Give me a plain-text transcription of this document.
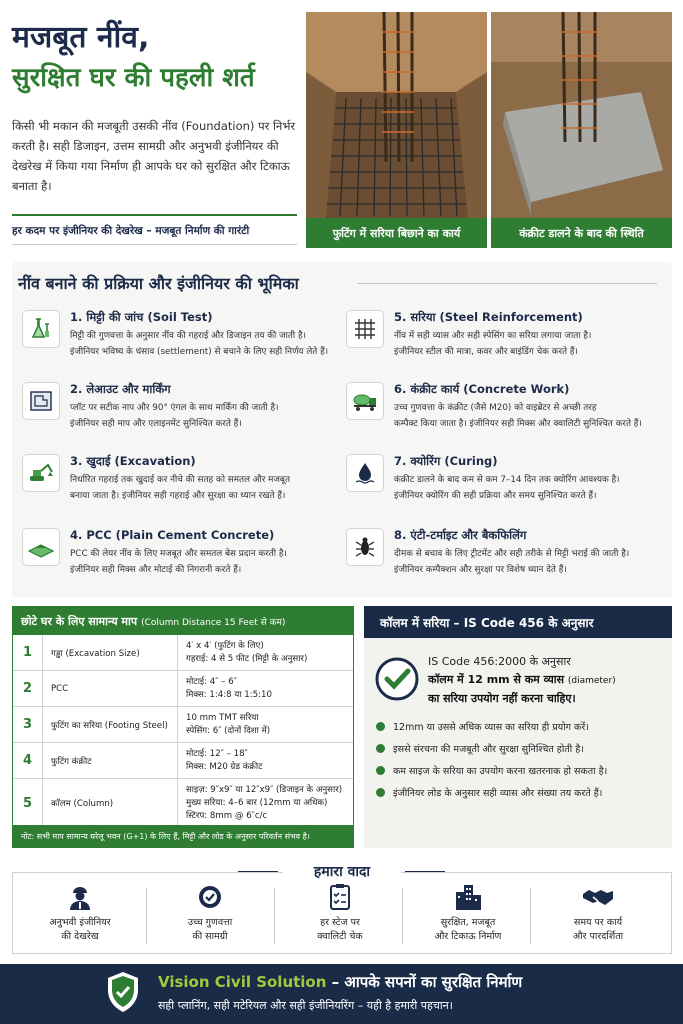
मजबूत नींव,
सुरक्षित घर की पहली शर्त
किसी भी मकान की मजबूती उसकी नींव (Foundation) पर निर्भर करती है। सही डिजाइन, उत्तम सामग्री और अनुभवी इंजीनियर की देखरेख में किया गया निर्माण ही आपके घर को सुरक्षित और टिकाऊ बनाता है।
हर कदम पर इंजीनियर की देखरेख – मजबूत निर्माण की गारंटी	फुटिंग में सरिया बिछाने का कार्य	कंक्रीट डालने के बाद की स्थिति
नींव बनाने की प्रक्रिया और इंजीनियर की भूमिका
1. मिट्टी की जांच (Soil Test)
मिट्टी की गुणवत्ता के अनुसार नींव की गहराई और डिजाइन तय की जाती है।
इंजीनियर भविष्य के धंसाव (settlement) से बचाने के लिए सही निर्णय लेते हैं।
2. लेआउट और मार्किंग
प्लॉट पर सटीक नाप और 90° एंगल के साथ मार्किंग की जाती है।
इंजीनियर सही माप और एलाइनमेंट सुनिश्चित करते हैं।
3. खुदाई (Excavation)
निर्धारित गहराई तक खुदाई कर नीचे की सतह को समतल और मजबूत
बनाया जाता है। इंजीनियर सही गहराई और सुरक्षा का ध्यान रखते हैं।
4. PCC (Plain Cement Concrete)
PCC की लेयर नींव के लिए मजबूत और समतल बेस प्रदान करती है।
इंजीनियर सही मिक्स और मोटाई की निगरानी करते हैं।
5. सरिया (Steel Reinforcement)
नींव में सही व्यास और सही स्पेसिंग का सरिया लगाया जाता है।
इंजीनियर स्टील की मात्रा, कवर और बाइंडिंग चेक करते हैं।
6. कंक्रीट कार्य (Concrete Work)
उच्च गुणवत्ता के कंक्रीट (जैसे M20) को वाइब्रेटर से अच्छी तरह
कम्पैक्ट किया जाता है। इंजीनियर सही मिक्स और क्वालिटी सुनिश्चित करते हैं।
7. क्योरिंग (Curing)
कंक्रीट डालने के बाद कम से कम 7–14 दिन तक क्योरिंग आवश्यक है।
इंजीनियर क्योरिंग की सही प्रक्रिया और समय सुनिश्चित करते हैं।
8. एंटी-टर्माइट और बैकफिलिंग
दीमक से बचाव के लिए ट्रीटमेंट और सही तरीके से मिट्टी भराई की जाती है।
इंजीनियर कम्पैक्शन और सुरक्षा पर विशेष ध्यान देते हैं।
छोटे घर के लिए सामान्य माप (Column Distance 15 Feet से कम)
1	गड्ढा (Excavation Size)
4′ x 4′ (फुटिंग के लिए)
गहराई: 4 से 5 फीट (मिट्टी के अनुसार)
2	PCC
मोटाई: 4″ – 6″
मिक्स: 1:4:8 या 1:5:10
3	फुटिंग का सरिया (Footing Steel)
10 mm TMT सरिया
स्पेसिंग: 6″ (दोनों दिशा में)
4	फुटिंग कंक्रीट
मोटाई: 12″ – 18″
मिक्स: M20 ग्रेड कंक्रीट
5	कॉलम (Column)
साइज़: 9″x9″ या 12″x9″ (डिजाइन के अनुसार)
मुख्य सरिया: 4–6 बार (12mm या अधिक)
स्टिरप: 8mm @ 6″c/c
नोट: सभी माप सामान्य घरेलू भवन (G+1) के लिए हैं, मिट्टी और लोड के अनुसार परिवर्तन संभव है।
कॉलम में सरिया – IS Code 456 के अनुसार
IS Code 456:2000 के अनुसार
कॉलम में 12 mm से कम व्यास (diameter)
का सरिया उपयोग नहीं करना चाहिए।
12mm या उससे अधिक व्यास का सरिया ही प्रयोग करें।
इससे संरचना की मजबूती और सुरक्षा सुनिश्चित होती है।
कम साइज के सरिया का उपयोग करना खतरनाक हो सकता है।
इंजीनियर लोड के अनुसार सही व्यास और संख्या तय करते हैं।
हमारा वादा
अनुभवी इंजीनियर
की देखरेख
उच्च गुणवत्ता
की सामग्री
हर स्टेज पर
क्वालिटी चेक
सुरक्षित, मजबूत
और टिकाऊ निर्माण
समय पर कार्य
और पारदर्शिता
Vision Civil Solution – आपके सपनों का सुरक्षित निर्माण
सही प्लानिंग, सही मटेरियल और सही इंजीनियरिंग – यही है हमारी पहचान।
